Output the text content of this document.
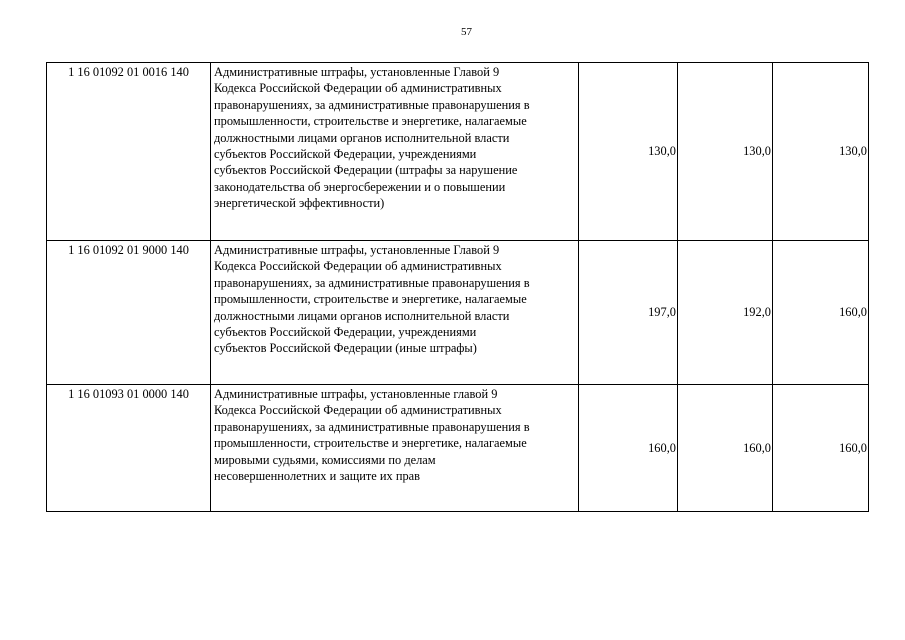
57
1 16 01092 01 0016 140	Административные штрафы, установленные Главой 9
Кодекса Российской Федерации об административных
правонарушениях, за административные правонарушения в
промышленности, строительстве и энергетике, налагаемые
должностными лицами органов исполнительной власти
субъектов Российской Федерации, учреждениями
субъектов Российской Федерации (штрафы за нарушение
законодательства об энергосбережении и о повышении
энергетической эффективности)
	130,0	130,0	130,0
1 16 01092 01 9000 140	Административные штрафы, установленные Главой 9
Кодекса Российской Федерации об административных
правонарушениях, за административные правонарушения в
промышленности, строительстве и энергетике, налагаемые
должностными лицами органов исполнительной власти
субъектов Российской Федерации, учреждениями
субъектов Российской Федерации (иные штрафы)
	197,0	192,0	160,0
1 16 01093 01 0000 140	Административные штрафы, установленные главой 9
Кодекса Российской Федерации об административных
правонарушениях, за административные правонарушения в
промышленности, строительстве и энергетике, налагаемые
мировыми судьями, комиссиями по делам
несовершеннолетних и защите их прав
	160,0	160,0	160,0
